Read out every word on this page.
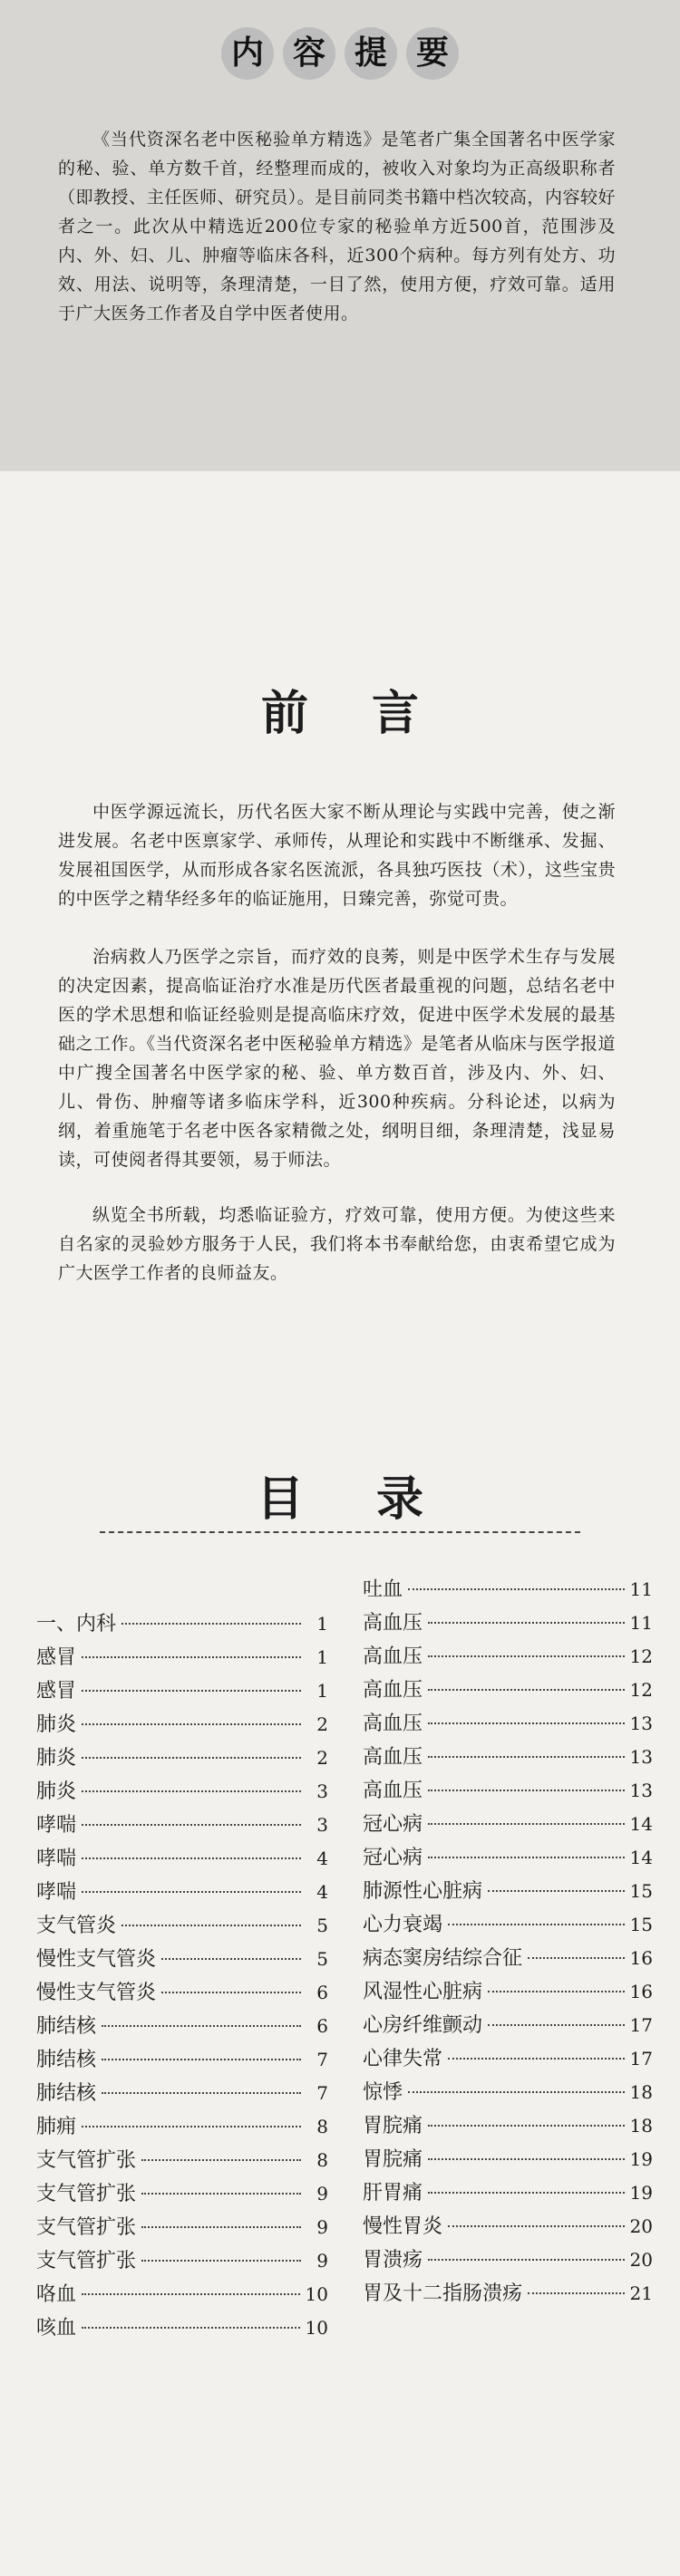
内 容 提 要

《当代资深名老中医秘验单方精选》是笔者广集全国著名中医学家的秘、验、单方数千首，经整理而成的，被收入对象均为正高级职称者（即教授、主任医师、研究员）。是目前同类书籍中档次较高，内容较好者之一。此次从中精选近200位专家的秘验单方近500首，范围涉及内、外、妇、儿、肿瘤等临床各科，近300个病种。每方列有处方、功效、用法、说明等，条理清楚，一目了然，使用方便，疗效可靠。适用于广大医务工作者及自学中医者使用。

前 言

中医学源远流长，历代名医大家不断从理论与实践中完善，使之渐进发展。名老中医禀家学、承师传，从理论和实践中不断继承、发掘、发展祖国医学，从而形成各家名医流派，各具独巧医技（术），这些宝贵的中医学之精华经多年的临证施用，日臻完善，弥觉可贵。

治病救人乃医学之宗旨，而疗效的良莠，则是中医学术生存与发展的决定因素，提高临证治疗水准是历代医者最重视的问题，总结名老中医的学术思想和临证经验则是提高临床疗效，促进中医学术发展的最基础之工作。《当代资深名老中医秘验单方精选》是笔者从临床与医学报道中广搜全国著名中医学家的秘、验、单方数百首，涉及内、外、妇、儿、骨伤、肿瘤等诸多临床学科，近300种疾病。分科论述，以病为纲，着重施笔于名老中医各家精微之处，纲明目细，条理清楚，浅显易读，可使阅者得其要领，易于师法。

纵览全书所载，均悉临证验方，疗效可靠，使用方便。为使这些来自名家的灵验妙方服务于人民，我们将本书奉献给您，由衷希望它成为广大医学工作者的良师益友。

目 录
一、内科	1
感冒	1
感冒	1
肺炎	2
肺炎	2
肺炎	3
哮喘	3
哮喘	4
哮喘	4
支气管炎	5
慢性支气管炎	5
慢性支气管炎	6
肺结核	6
肺结核	7
肺结核	7
肺痈	8
支气管扩张	8
支气管扩张	9
支气管扩张	9
支气管扩张	9
咯血	10
咳血	10
吐血	11
高血压	11
高血压	12
高血压	12
高血压	13
高血压	13
高血压	13
冠心病	14
冠心病	14
肺源性心脏病	15
心力衰竭	15
病态窦房结综合征	16
风湿性心脏病	16
心房纤维颤动	17
心律失常	17
惊悸	18
胃脘痛	18
胃脘痛	19
肝胃痛	19
慢性胃炎	20
胃溃疡	20
胃及十二指肠溃疡	21
